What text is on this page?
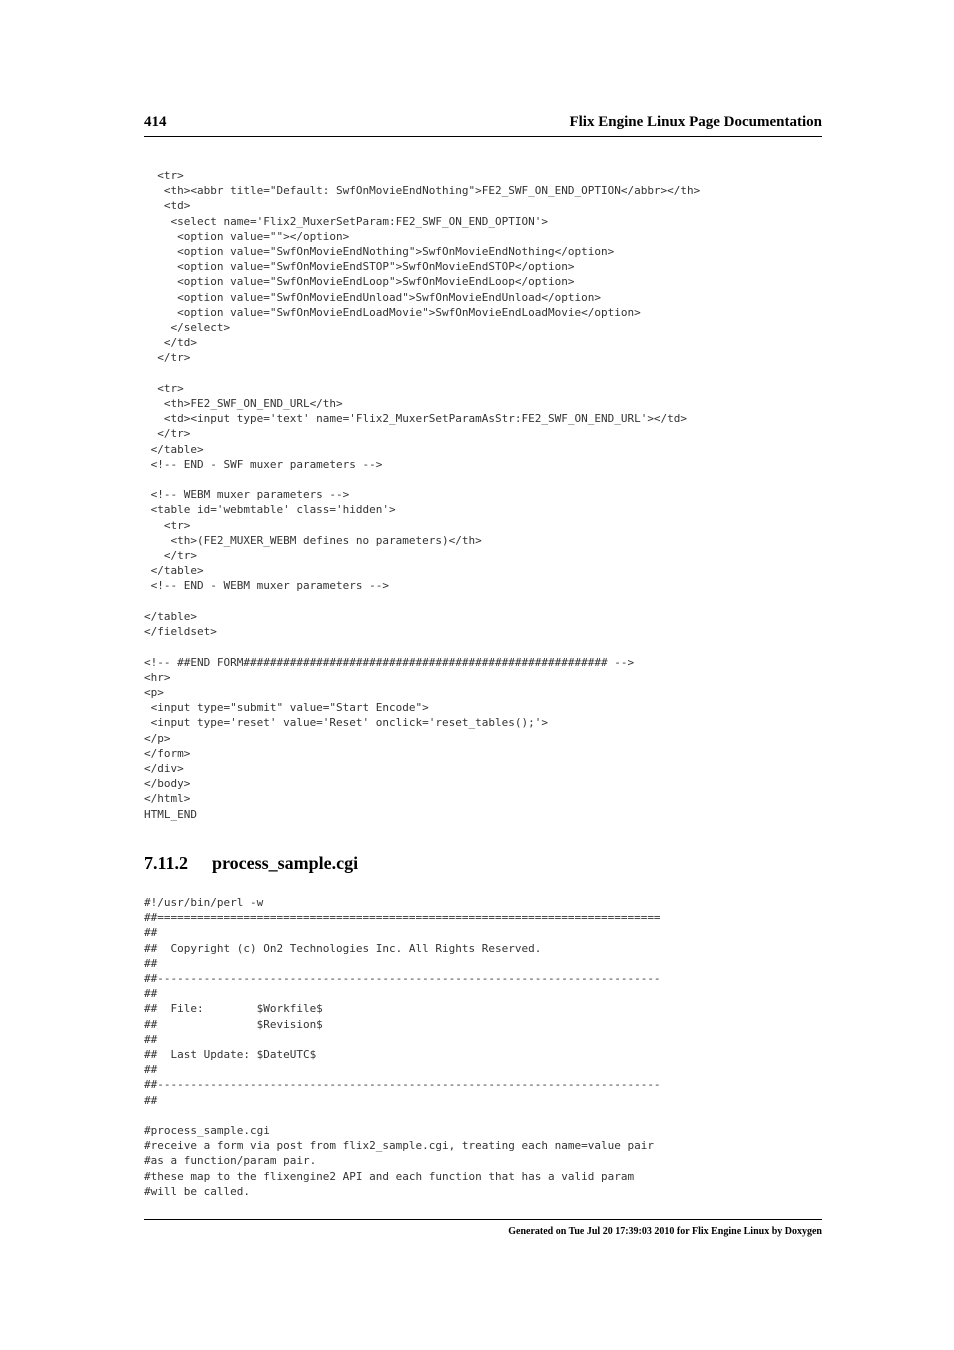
414	Flix Engine Linux Page Documentation
<tr>
<th><abbr title="Default: SwfOnMovieEndNothing">FE2_SWF_ON_END_OPTION</abbr></th>
<td>
<select name='Flix2_MuxerSetParam:FE2_SWF_ON_END_OPTION'>
<option value=""></option>
<option value="SwfOnMovieEndNothing">SwfOnMovieEndNothing</option>
<option value="SwfOnMovieEndSTOP">SwfOnMovieEndSTOP</option>
<option value="SwfOnMovieEndLoop">SwfOnMovieEndLoop</option>
<option value="SwfOnMovieEndUnload">SwfOnMovieEndUnload</option>
<option value="SwfOnMovieEndLoadMovie">SwfOnMovieEndLoadMovie</option>
</select>
</td>
</tr>

<tr>
<th>FE2_SWF_ON_END_URL</th>
<td><input type='text' name='Flix2_MuxerSetParamAsStr:FE2_SWF_ON_END_URL'></td>
</tr>
</table>
<!-- END - SWF muxer parameters -->

<!-- WEBM muxer parameters -->
<table id='webmtable' class='hidden'>
<tr>
<th>(FE2_MUXER_WEBM defines no parameters)</th>
</tr>
</table>
<!-- END - WEBM muxer parameters -->

</table>
</fieldset>

<!-- ##END FORM####################################################### -->
<hr>
<p>
<input type="submit" value="Start Encode">
<input type='reset' value='Reset' onclick='reset_tables();'>
</p>
</form>
</div>
</body>
</html>
HTML_END
7.11.2 process_sample.cgi
#!/usr/bin/perl -w
##============================================================================
##
##  Copyright (c) On2 Technologies Inc. All Rights Reserved.
##
##----------------------------------------------------------------------------
##
##  File:        $Workfile$
##               $Revision$
##
##  Last Update: $DateUTC$
##
##----------------------------------------------------------------------------
##

#process_sample.cgi
#receive a form via post from flix2_sample.cgi, treating each name=value pair
#as a function/param pair.
#these map to the flixengine2 API and each function that has a valid param
#will be called.
Generated on Tue Jul 20 17:39:03 2010 for Flix Engine Linux by Doxygen
